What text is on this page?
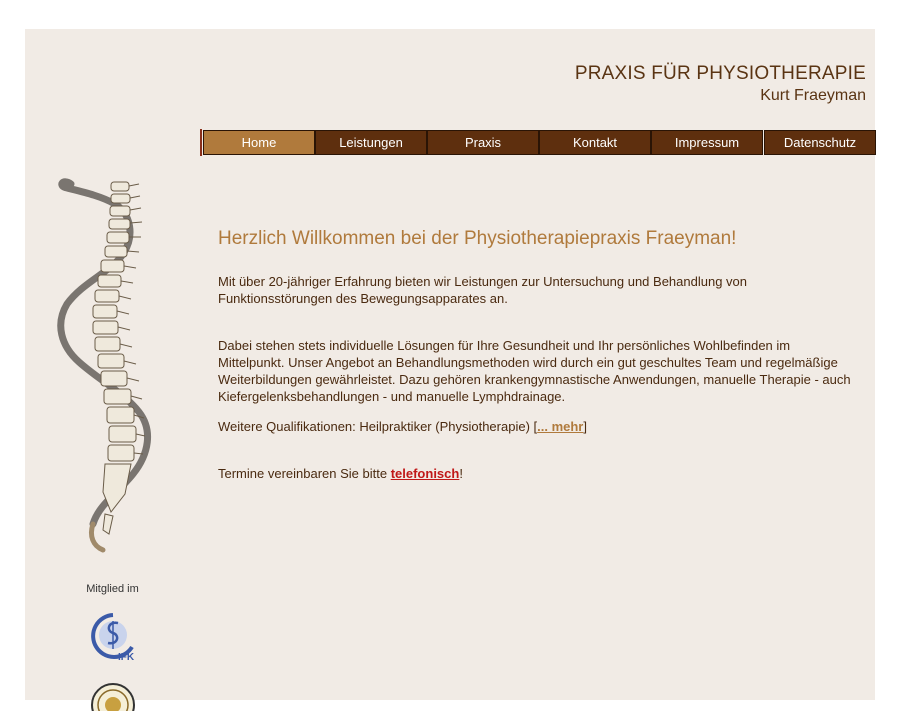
PRAXIS FÜR PHYSIOTHERAPIE
Kurt Fraeyman
Home	Leistungen	Praxis	Kontakt	Impressum	Datenschutz
Mitglied im
IFK
Herzlich Willkommen bei der Physiotherapiepraxis Fraeyman!

Mit über 20-jähriger Erfahrung bieten wir Leistungen zur Untersuchung und Behandlung von Funktionsstörungen des Bewegungsapparates an.

Dabei stehen stets individuelle Lösungen für Ihre Gesundheit und Ihr persönliches Wohlbefinden im Mittelpunkt. Unser Angebot an Behandlungsmethoden wird durch ein gut geschultes Team und regelmäßige Weiterbildungen gewährleistet. Dazu gehören krankengymnastische Anwendungen, manuelle Therapie - auch Kiefergelenksbehandlungen - und manuelle Lymphdrainage.

Weitere Qualifikationen: Heilpraktiker (Physiotherapie) [... mehr]

Termine vereinbaren Sie bitte telefonisch!
